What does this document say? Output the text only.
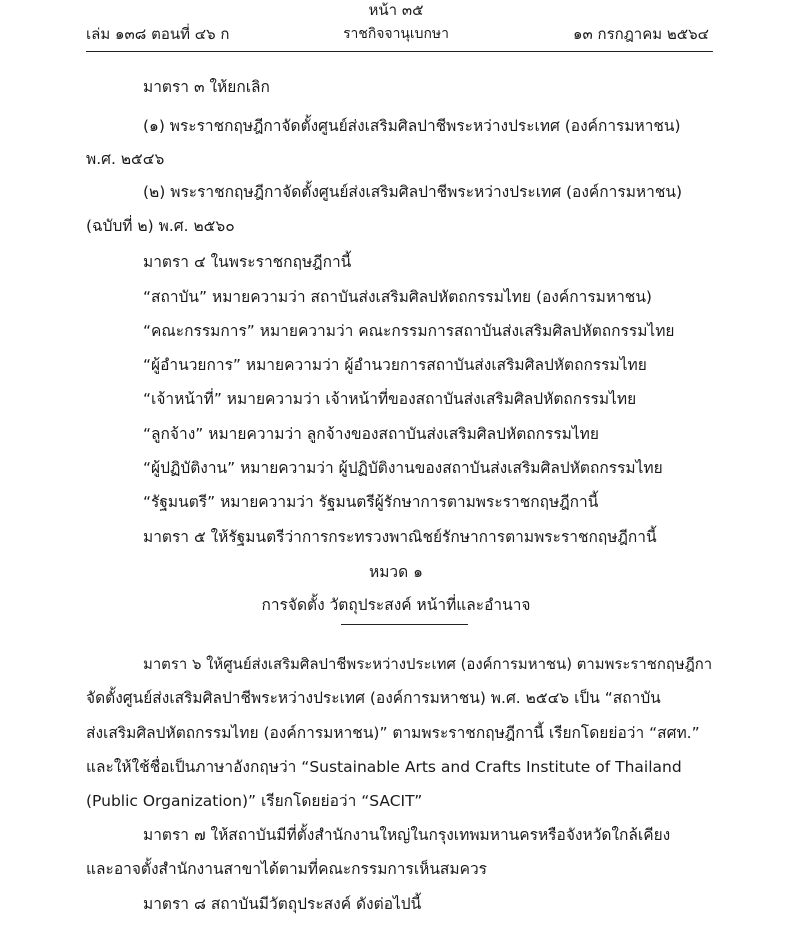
หน้า ๓๕
เล่ม ๑๓๘ ตอนที่ ๔๖ ก	ราชกิจจานุเบกษา	๑๓ กรกฎาคม ๒๕๖๔
มาตรา ๓ ให้ยกเลิก
(๑) พระราชกฤษฎีกาจัดตั้งศูนย์ส่งเสริมศิลปาชีพระหว่างประเทศ (องค์การมหาชน)
พ.ศ. ๒๕๔๖
(๒) พระราชกฤษฎีกาจัดตั้งศูนย์ส่งเสริมศิลปาชีพระหว่างประเทศ (องค์การมหาชน)
(ฉบับที่ ๒) พ.ศ. ๒๕๖๐
มาตรา ๔ ในพระราชกฤษฎีกานี้
“สถาบัน” หมายความว่า สถาบันส่งเสริมศิลปหัตถกรรมไทย (องค์การมหาชน)
“คณะกรรมการ” หมายความว่า คณะกรรมการสถาบันส่งเสริมศิลปหัตถกรรมไทย
“ผู้อำนวยการ” หมายความว่า ผู้อำนวยการสถาบันส่งเสริมศิลปหัตถกรรมไทย
“เจ้าหน้าที่” หมายความว่า เจ้าหน้าที่ของสถาบันส่งเสริมศิลปหัตถกรรมไทย
“ลูกจ้าง” หมายความว่า ลูกจ้างของสถาบันส่งเสริมศิลปหัตถกรรมไทย
“ผู้ปฏิบัติงาน” หมายความว่า ผู้ปฏิบัติงานของสถาบันส่งเสริมศิลปหัตถกรรมไทย
“รัฐมนตรี” หมายความว่า รัฐมนตรีผู้รักษาการตามพระราชกฤษฎีกานี้
มาตรา ๕ ให้รัฐมนตรีว่าการกระทรวงพาณิชย์รักษาการตามพระราชกฤษฎีกานี้
หมวด ๑
การจัดตั้ง วัตถุประสงค์ หน้าที่และอำนาจ
มาตรา ๖ ให้ศูนย์ส่งเสริมศิลปาชีพระหว่างประเทศ (องค์การมหาชน) ตามพระราชกฤษฎีกา
จัดตั้งศูนย์ส่งเสริมศิลปาชีพระหว่างประเทศ (องค์การมหาชน) พ.ศ. ๒๕๔๖ เป็น “สถาบัน
ส่งเสริมศิลปหัตถกรรมไทย (องค์การมหาชน)” ตามพระราชกฤษฎีกานี้ เรียกโดยย่อว่า “สศท.”
และให้ใช้ชื่อเป็นภาษาอังกฤษว่า “Sustainable Arts and Crafts Institute of Thailand
(Public Organization)” เรียกโดยย่อว่า “SACIT”
มาตรา ๗ ให้สถาบันมีที่ตั้งสำนักงานใหญ่ในกรุงเทพมหานครหรือจังหวัดใกล้เคียง
และอาจตั้งสำนักงานสาขาได้ตามที่คณะกรรมการเห็นสมควร
มาตรา ๘ สถาบันมีวัตถุประสงค์ ดังต่อไปนี้
